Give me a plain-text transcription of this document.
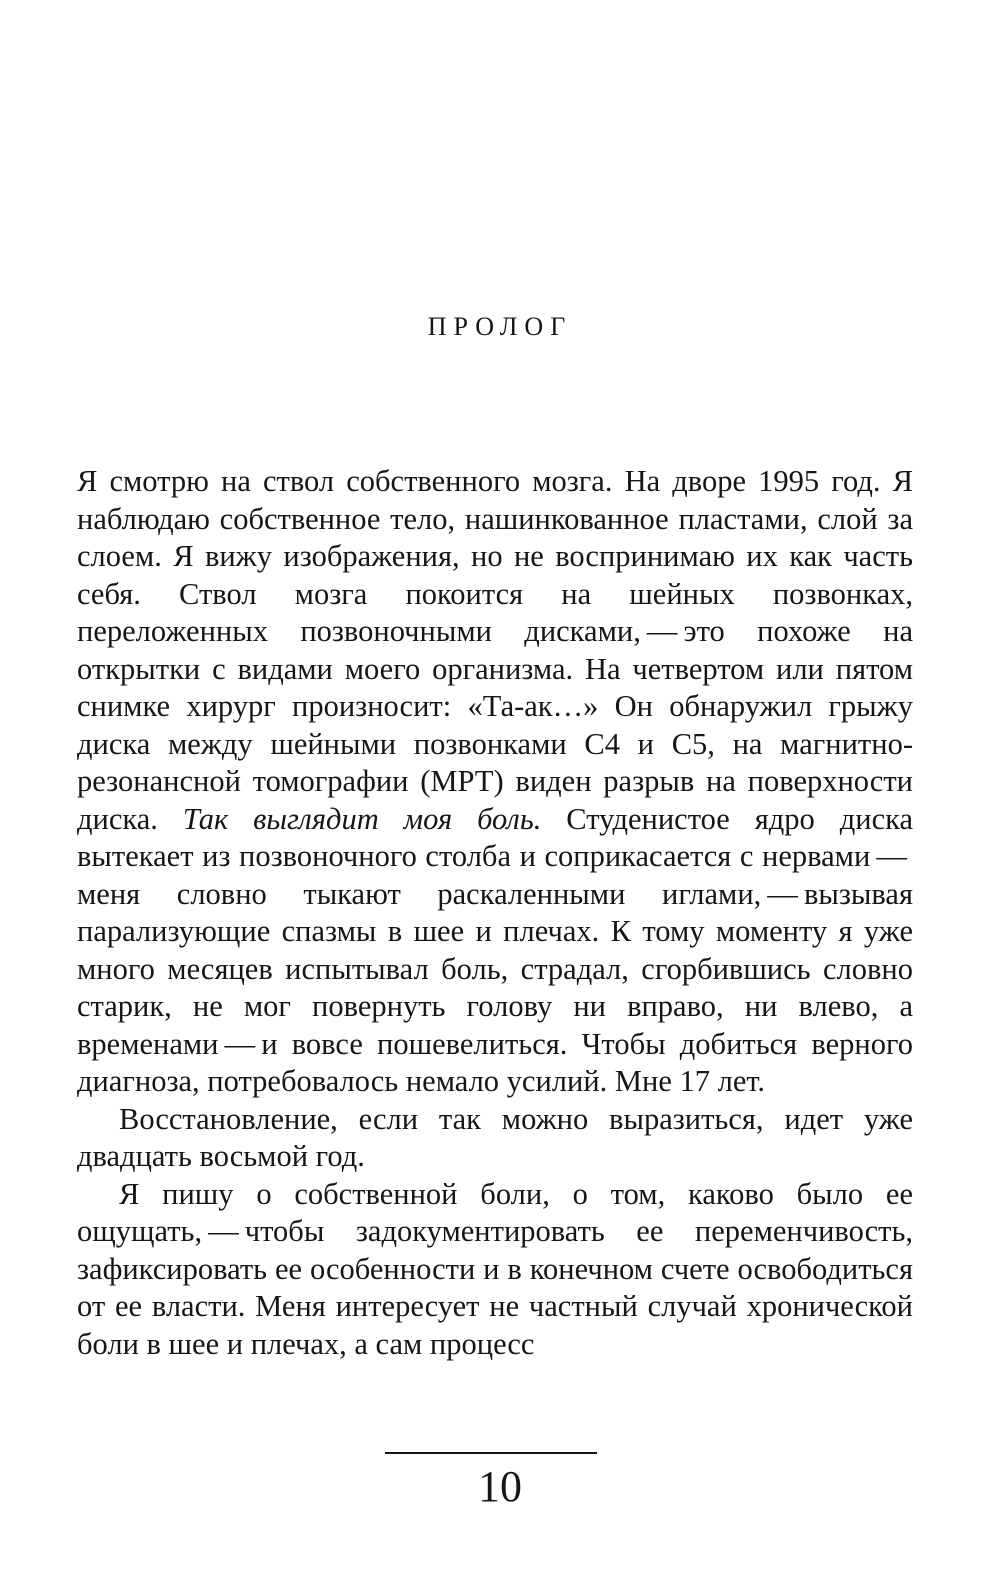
ПРОЛОГ

Я смотрю на ствол собственного мозга. На дворе 1995 год. Я наблюдаю собственное тело, нашинкованное пластами, слой за слоем. Я вижу изображения, но не воспринимаю их как часть себя. Ствол мозга покоится на шейных позвонках, переложенных позвоночными дисками, — это похоже на открытки с видами моего организма. На четвертом или пятом снимке хирург произносит: «Та-ак…» Он обнаружил грыжу диска между шейными позвонками C4 и C5, на магнитно-резонансной томографии (МРТ) виден разрыв на поверхности диска. Так выглядит моя боль. Студенистое ядро диска вытекает из позвоночного столба и соприкасается с нервами — меня словно тыкают раскаленными иглами, — вызывая парализующие спазмы в шее и плечах. К тому моменту я уже много месяцев испытывал боль, страдал, сгорбившись словно старик, не мог повернуть голову ни вправо, ни влево, а временами — и вовсе пошевелиться. Чтобы добиться верного диагноза, потребовалось немало усилий. Мне 17 лет.

Восстановление, если так можно выразиться, идет уже двадцать восьмой год.

Я пишу о собственной боли, о том, каково было ее ощущать, — чтобы задокументировать ее переменчивость, зафиксировать ее особенности и в конечном счете освободиться от ее власти. Меня интересует не частный случай хронической боли в шее и плечах, а сам процесс

10
